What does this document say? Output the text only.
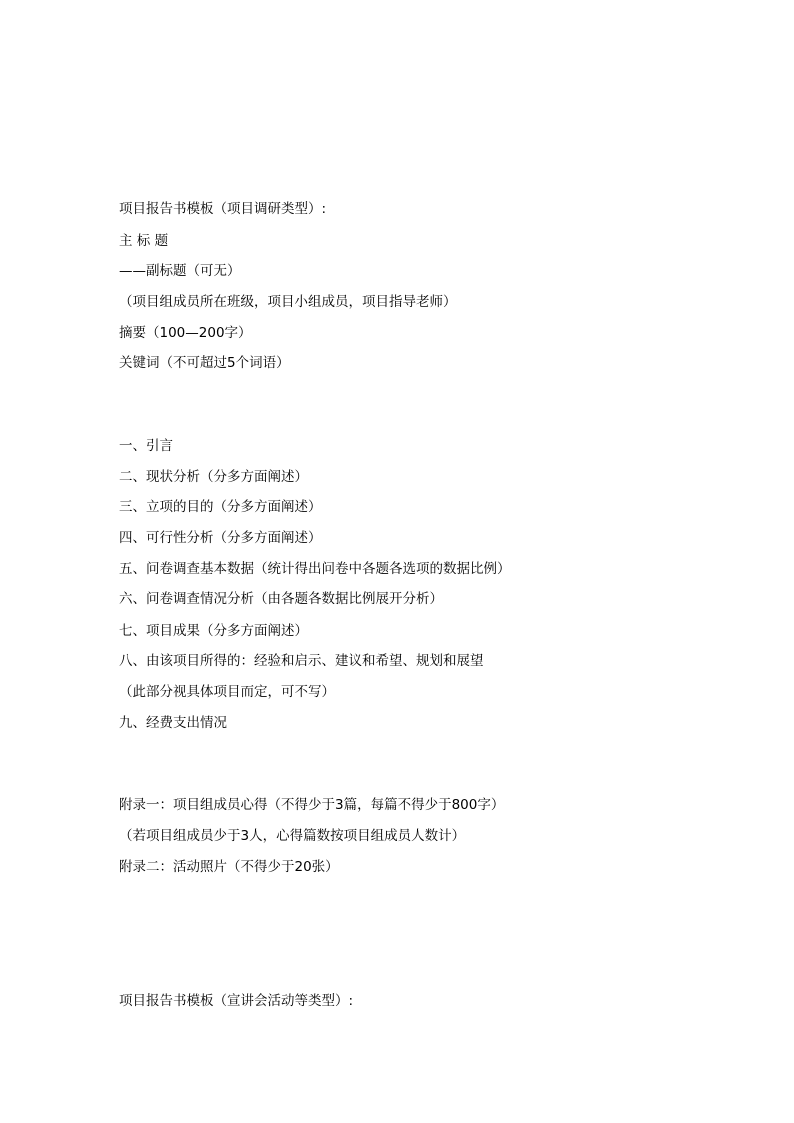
项目报告书模板（项目调研类型）:
主 标 题
——副标题（可无）
（项目组成员所在班级，项目小组成员，项目指导老师）
摘要（100—200字）
关键词（不可超过5个词语）
一、引言
二、现状分析（分多方面阐述）
三、立项的目的（分多方面阐述）
四、可行性分析（分多方面阐述）
五、问卷调查基本数据（统计得出问卷中各题各选项的数据比例）
六、问卷调查情况分析（由各题各数据比例展开分析）
七、项目成果（分多方面阐述）
八、由该项目所得的：经验和启示、建议和希望、规划和展望
（此部分视具体项目而定，可不写）
九、经费支出情况
附录一：项目组成员心得（不得少于3篇，每篇不得少于800字）
（若项目组成员少于3人，心得篇数按项目组成员人数计）
附录二：活动照片（不得少于20张）
项目报告书模板（宣讲会活动等类型）:
